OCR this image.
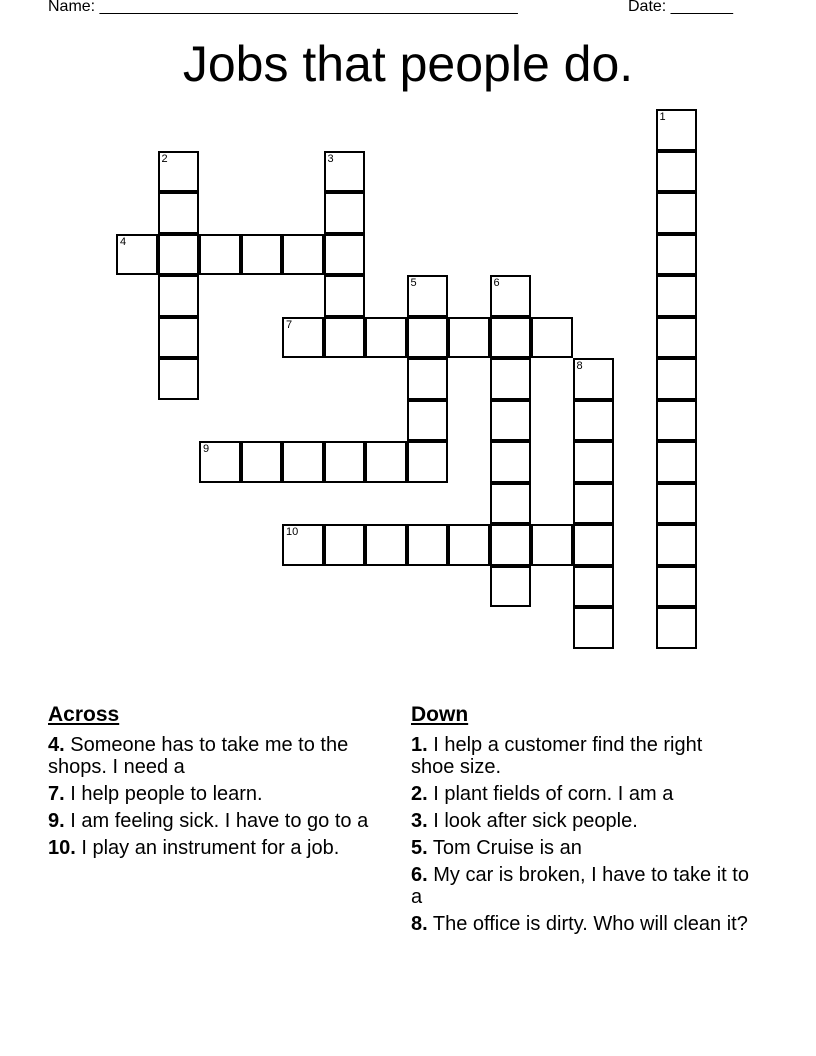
Name: _______________________________________________	Date: _______
Jobs that people do.
1
2	3
4
5	6
7
8
9
10
Across
4. Someone has to take me to the shops. I need a
7. I help people to learn.
9. I am feeling sick. I have to go to a
10. I play an instrument for a job.
Down
1. I help a customer find the right shoe size.
2. I plant fields of corn. I am a
3. I look after sick people.
5. Tom Cruise is an
6. My car is broken, I have to take it to a
8. The office is dirty. Who will clean it?
